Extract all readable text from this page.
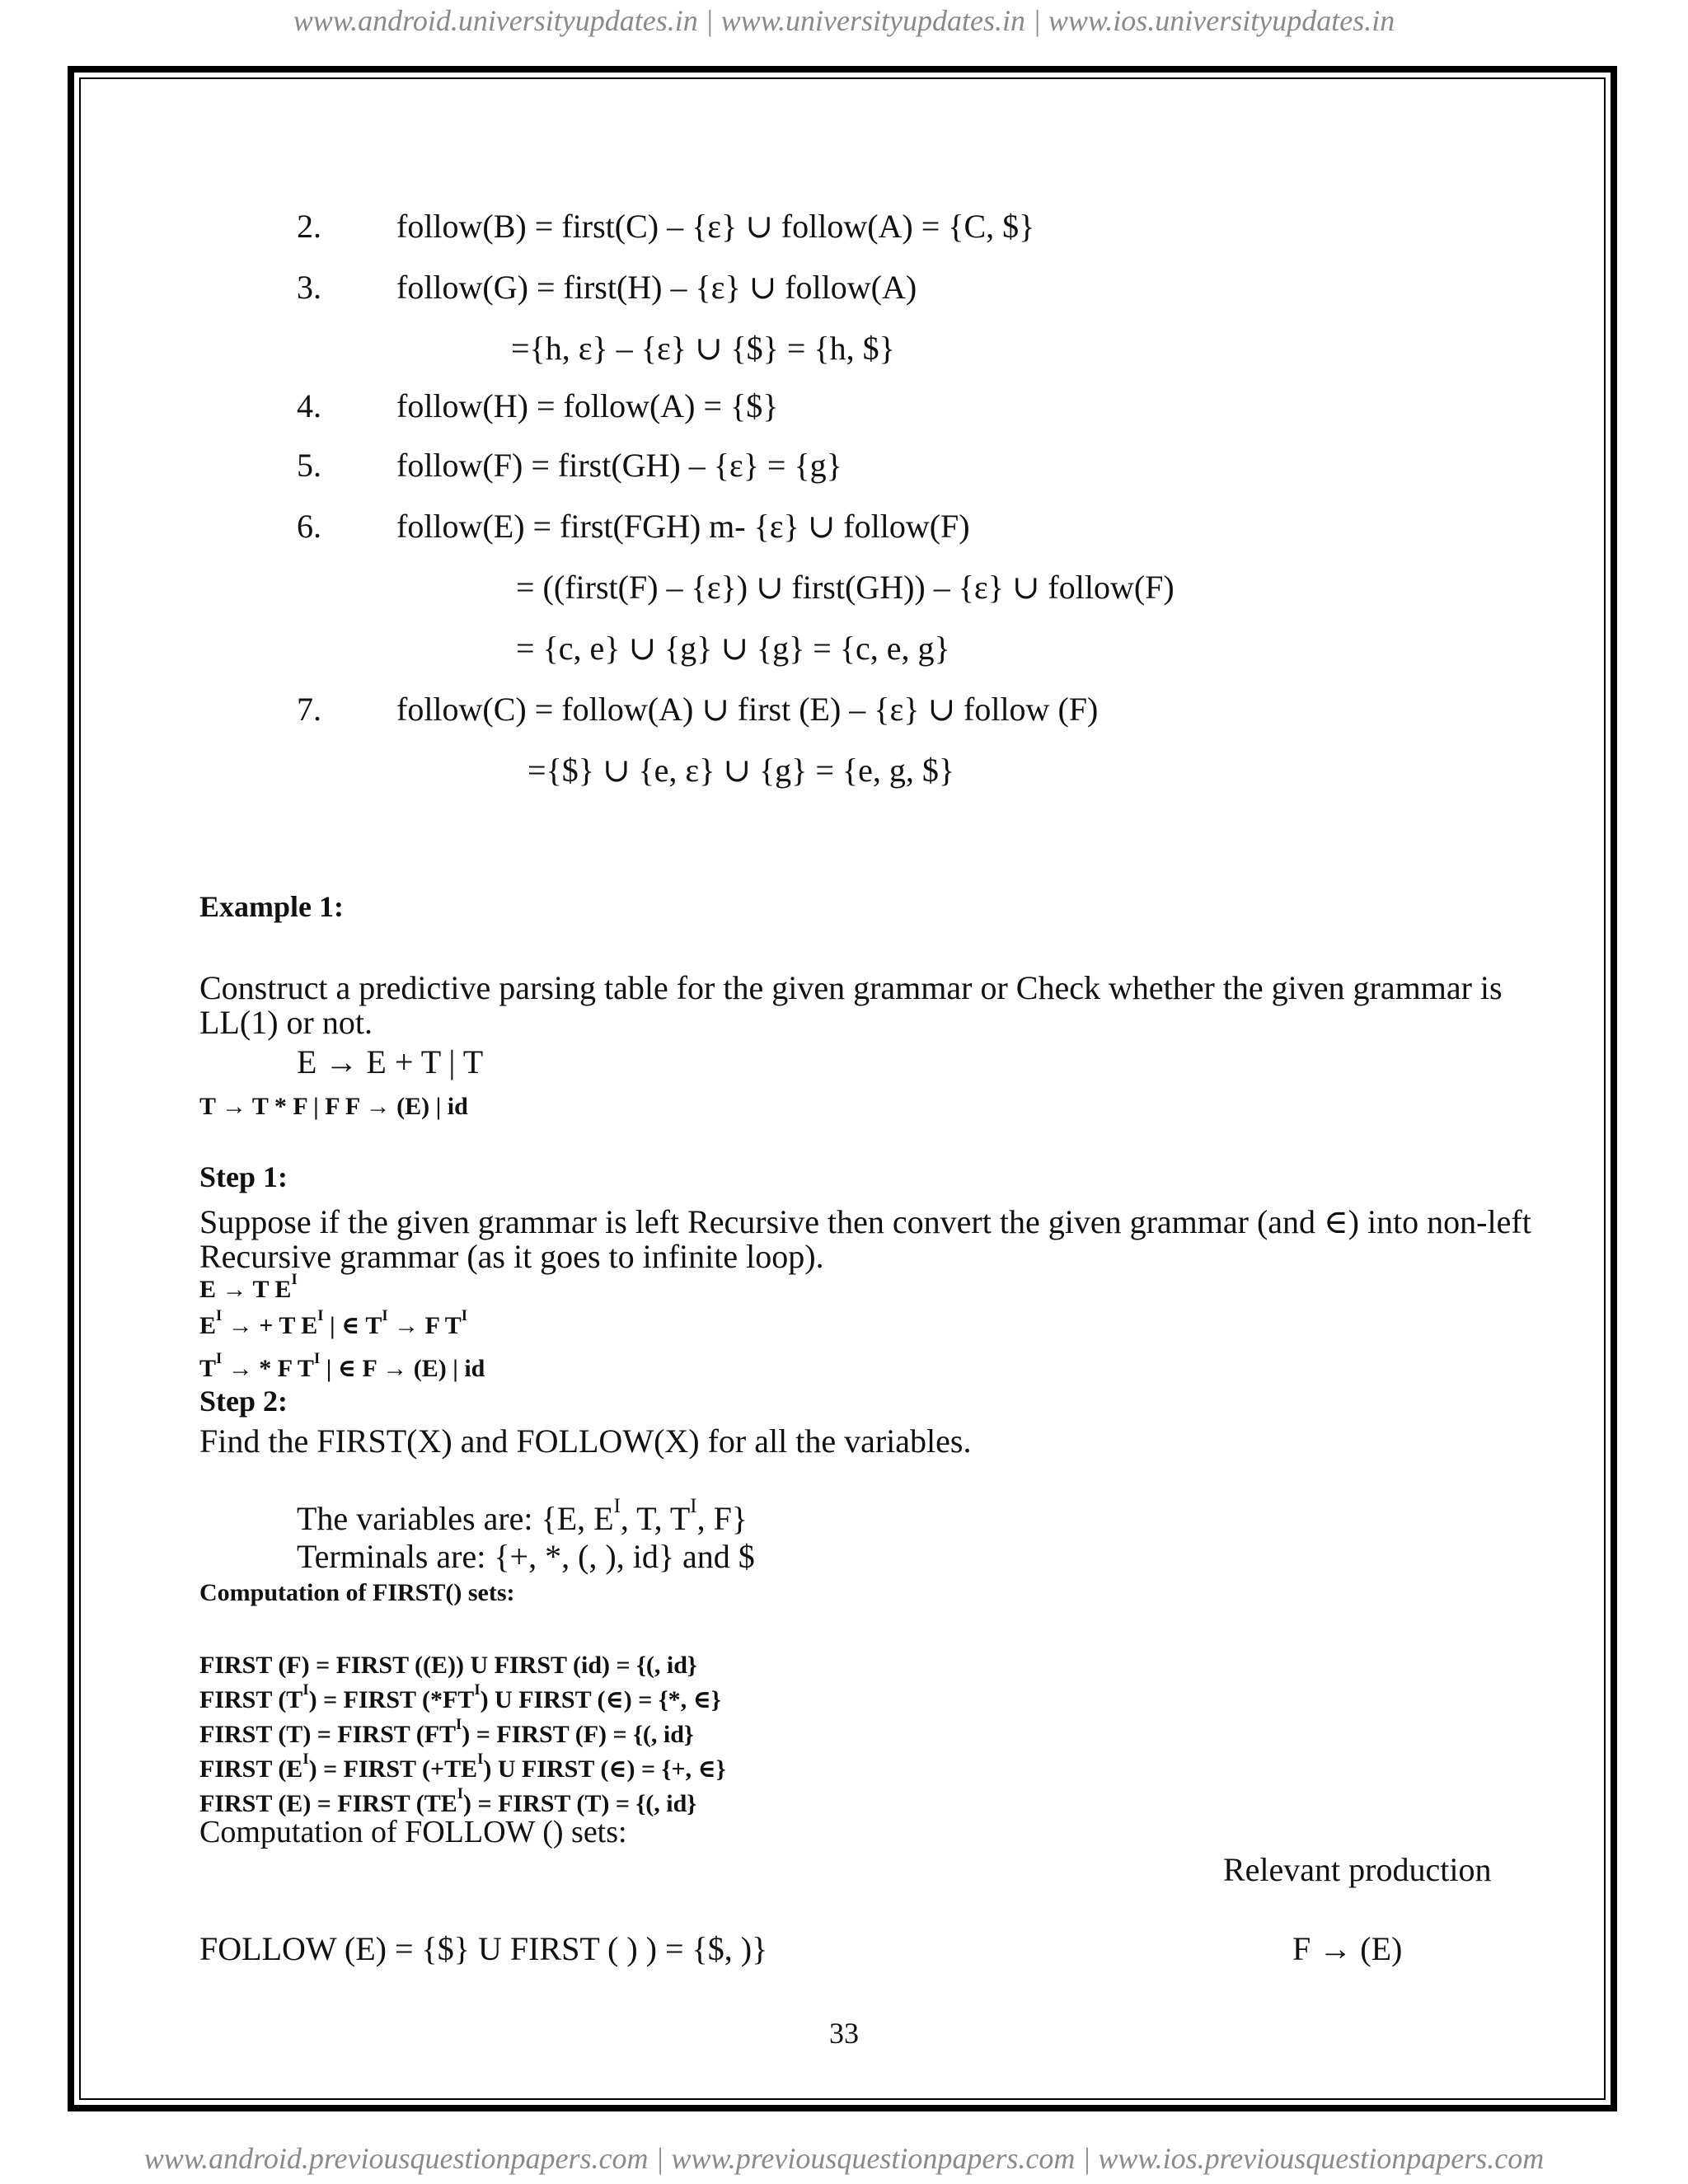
www.android.universityupdates.in | www.universityupdates.in | www.ios.universityupdates.in
2. follow(B) = first(C) – {ε} ∪ follow(A) = {C, $}
3. follow(G) = first(H) – {ε} ∪ follow(A)
={h, ε} – {ε} ∪ {$} = {h, $}
4. follow(H) = follow(A) = {$}
5. follow(F) = first(GH) – {ε} = {g}
6. follow(E) = first(FGH) m- {ε} ∪ follow(F)
= ((first(F) – {ε}) ∪ first(GH)) – {ε} ∪ follow(F)
= {c, e} ∪ {g} ∪ {g} = {c, e, g}
7. follow(C) = follow(A) ∪ first (E) – {ε} ∪ follow (F)
={$} ∪ {e, ε} ∪ {g} = {e, g, $}
Example 1:
Construct a predictive parsing table for the given grammar or Check whether the given grammar is
LL(1) or not.
E → E + T | T
T → T * F | F F → (E) | id
Step 1:
Suppose if the given grammar is left Recursive then convert the given grammar (and ∈) into non-left
Recursive grammar (as it goes to infinite loop).
E → T $E^I$
$E^I$ → + T $E^I$ | ∈ $T^I \to F$ $T^I$
$T^I$ → * F $T^I$ | ∈ F → (E) | id
Step 2:
Find the FIRST(X) and FOLLOW(X) for all the variables.
The variables are: {E, $E^I$, T, $T^I$, F}
Terminals are: {+, *, (, ), id} and $
Computation of FIRST() sets:
FIRST (F) = FIRST ((E)) U FIRST (id) = {(, id}
FIRST $(T^I)$ = FIRST $(*FT^I)$ U FIRST (∈) = {*, ∈}
FIRST (T) = FIRST $(FT^I)$ = FIRST (F) = {(, id}
FIRST $(E^I)$ = FIRST $(+TE^I)$ U FIRST (∈) = {+, ∈}
FIRST (E) = FIRST $(TE^I)$ = FIRST (T) = {(, id}
Computation of FOLLOW () sets:
Relevant production
FOLLOW (E) = {$} U FIRST ( ) ) = {$, )}	F → (E)
33
www.android.previousquestionpapers.com | www.previousquestionpapers.com | www.ios.previousquestionpapers.com
